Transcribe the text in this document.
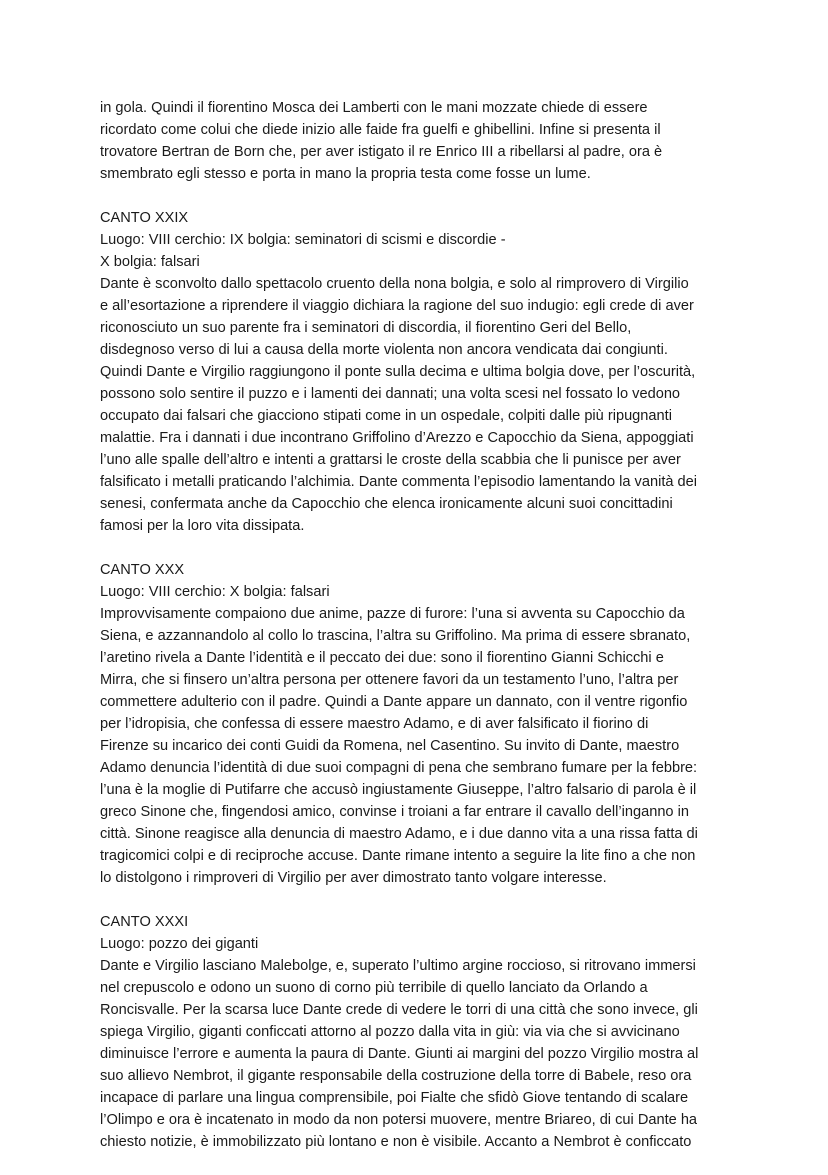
in gola. Quindi il fiorentino Mosca dei Lamberti con le mani mozzate chiede di essere
ricordato come colui che diede inizio alle faide fra guelfi e ghibellini. Infine si presenta il
trovatore Bertran de Born che, per aver istigato il re Enrico III a ribellarsi al padre, ora è
smembrato egli stesso e porta in mano la propria testa come fosse un lume.
CANTO XXIX
Luogo: VIII cerchio: IX bolgia: seminatori di scismi e discordie -
X bolgia: falsari
Dante è sconvolto dallo spettacolo cruento della nona bolgia, e solo al rimprovero di Virgilio
e all’esortazione a riprendere il viaggio dichiara la ragione del suo indugio: egli crede di aver
riconosciuto un suo parente fra i seminatori di discordia, il fiorentino Geri del Bello,
disdegnoso verso di lui a causa della morte violenta non ancora vendicata dai congiunti.
Quindi Dante e Virgilio raggiungono il ponte sulla decima e ultima bolgia dove, per l’oscurità,
possono solo sentire il puzzo e i lamenti dei dannati; una volta scesi nel fossato lo vedono
occupato dai falsari che giacciono stipati come in un ospedale, colpiti dalle più ripugnanti
malattie. Fra i dannati i due incontrano Griffolino d’Arezzo e Capocchio da Siena, appoggiati
l’uno alle spalle dell’altro e intenti a grattarsi le croste della scabbia che li punisce per aver
falsificato i metalli praticando l’alchimia. Dante commenta l’episodio lamentando la vanità dei
senesi, confermata anche da Capocchio che elenca ironicamente alcuni suoi concittadini
famosi per la loro vita dissipata.
CANTO XXX
Luogo: VIII cerchio: X bolgia: falsari
Improvvisamente compaiono due anime, pazze di furore: l’una si avventa su Capocchio da
Siena, e azzannandolo al collo lo trascina, l’altra su Griffolino. Ma prima di essere sbranato,
l’aretino rivela a Dante l’identità e il peccato dei due: sono il fiorentino Gianni Schicchi e
Mirra, che si finsero un’altra persona per ottenere favori da un testamento l’uno, l’altra per
commettere adulterio con il padre. Quindi a Dante appare un dannato, con il ventre rigonfio
per l’idropisia, che confessa di essere maestro Adamo, e di aver falsificato il fiorino di
Firenze su incarico dei conti Guidi da Romena, nel Casentino. Su invito di Dante, maestro
Adamo denuncia l’identità di due suoi compagni di pena che sembrano fumare per la febbre:
l’una è la moglie di Putifarre che accusò ingiustamente Giuseppe, l’altro falsario di parola è il
greco Sinone che, fingendosi amico, convinse i troiani a far entrare il cavallo dell’inganno in
città. Sinone reagisce alla denuncia di maestro Adamo, e i due danno vita a una rissa fatta di
tragicomici colpi e di reciproche accuse. Dante rimane intento a seguire la lite fino a che non
lo distolgono i rimproveri di Virgilio per aver dimostrato tanto volgare interesse.
CANTO XXXI
Luogo: pozzo dei giganti
Dante e Virgilio lasciano Malebolge, e, superato l’ultimo argine roccioso, si ritrovano immersi
nel crepuscolo e odono un suono di corno più terribile di quello lanciato da Orlando a
Roncisvalle. Per la scarsa luce Dante crede di vedere le torri di una città che sono invece, gli
spiega Virgilio, giganti conficcati attorno al pozzo dalla vita in giù: via via che si avvicinano
diminuisce l’errore e aumenta la paura di Dante. Giunti ai margini del pozzo Virgilio mostra al
suo allievo Nembrot, il gigante responsabile della costruzione della torre di Babele, reso ora
incapace di parlare una lingua comprensibile, poi Fialte che sfidò Giove tentando di scalare
l’Olimpo e ora è incatenato in modo da non potersi muovere, mentre Briareo, di cui Dante ha
chiesto notizie, è immobilizzato più lontano e non è visibile. Accanto a Nembrot è conficcato
